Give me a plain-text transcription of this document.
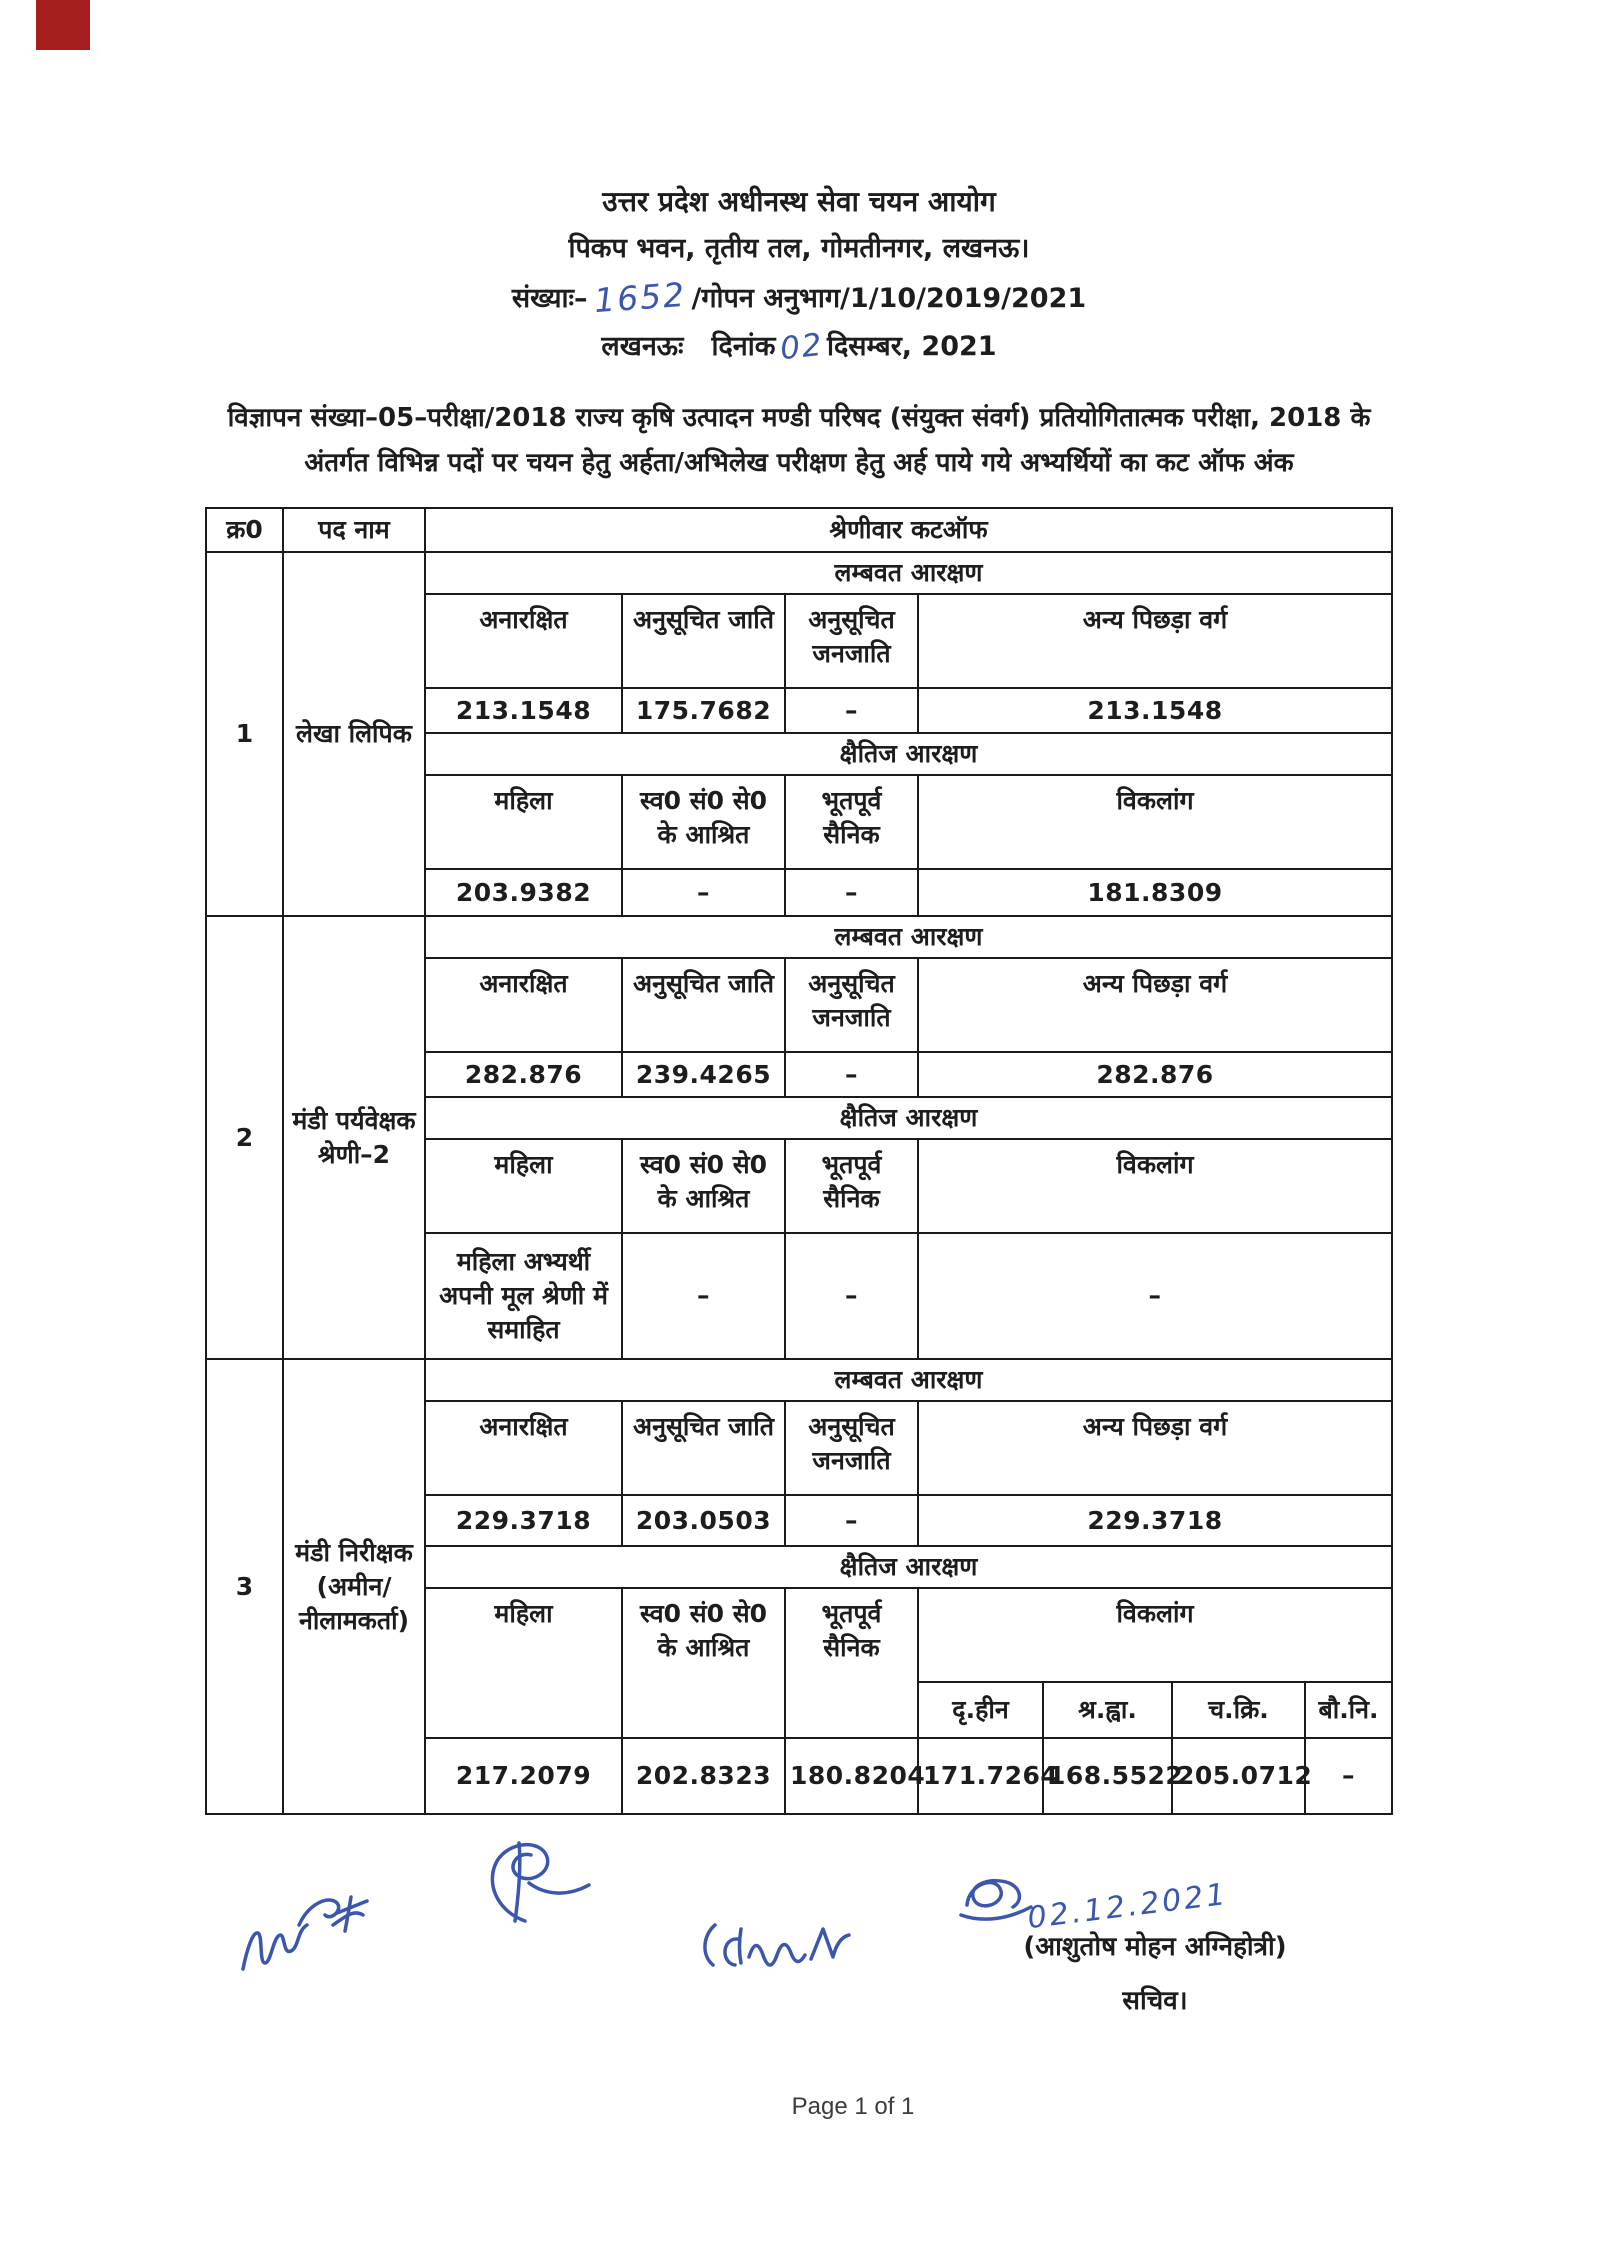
उत्तर प्रदेश अधीनस्थ सेवा चयन आयोग
पिकप भवन, तृतीय तल, गोमतीनगर, लखनऊ।
संख्याः– 1652 /गोपन अनुभाग/1/10/2019/2021
लखनऊः दिनांक02दिसम्बर, 2021
विज्ञापन संख्या–05–परीक्षा/2018 राज्य कृषि उत्पादन मण्डी परिषद (संयुक्त संवर्ग) प्रतियोगितात्मक परीक्षा, 2018 के अंतर्गत विभिन्न पदों पर चयन हेतु अर्हता/अभिलेख परीक्षण हेतु अर्ह पाये गये अभ्यर्थियों का कट ऑफ अंक
क्र0	पद नाम	श्रेणीवार कटऑफ						
1	लेखा लिपिक	लम्बवत आरक्षण						
		अनारक्षित	अनुसूचित जाति	अनुसूचित जनजाति	अन्य पिछड़ा वर्ग			
		213.1548	175.7682	–	213.1548			
		क्षैतिज आरक्षण						
		महिला	स्व0 सं0 से0 के आश्रित	भूतपूर्व सैनिक	विकलांग			
		203.9382	–	–	181.8309			
2	मंडी पर्यवेक्षक श्रेणी–2	लम्बवत आरक्षण						
		अनारक्षित	अनुसूचित जाति	अनुसूचित जनजाति	अन्य पिछड़ा वर्ग			
		282.876	239.4265	–	282.876			
		क्षैतिज आरक्षण						
		महिला	स्व0 सं0 से0 के आश्रित	भूतपूर्व सैनिक	विकलांग			
		महिला अभ्यर्थी अपनी मूल श्रेणी में समाहित	–	–	–			
3	मंडी निरीक्षक (अमीन/ नीलामकर्ता)	लम्बवत आरक्षण						
		अनारक्षित	अनुसूचित जाति	अनुसूचित जनजाति	अन्य पिछड़ा वर्ग			
		229.3718	203.0503	–	229.3718			
		क्षैतिज आरक्षण						
		महिला	स्व0 सं0 से0 के आश्रित	भूतपूर्व सैनिक	विकलांग			
					दृ.हीन	श्र.ह्वा.	च.क्रि.	बौ.नि.
		217.2079	202.8323	180.8204	171.7264	168.5522	205.0712	–
02.12.2021
(आशुतोष मोहन अग्निहोत्री)
सचिव।
Page 1 of 1
